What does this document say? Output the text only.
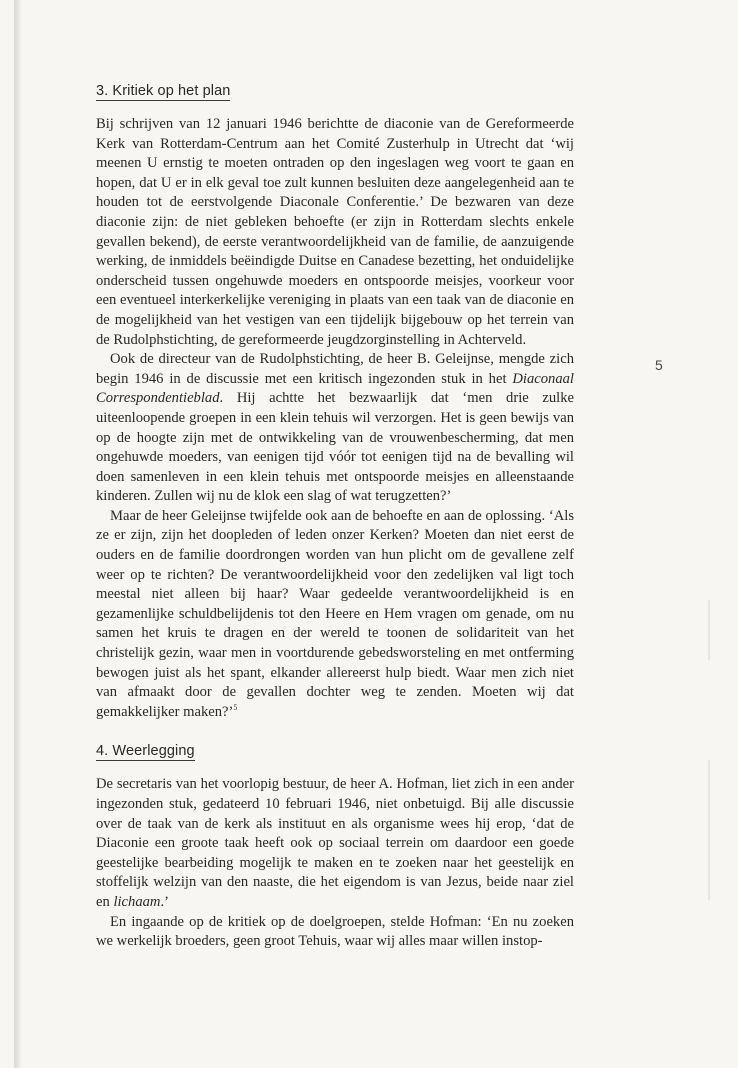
5
3. Kritiek op het plan

Bij schrijven van 12 januari 1946 berichtte de diaconie van de Gereformeerde Kerk van Rotterdam-Centrum aan het Comité Zusterhulp in Utrecht dat ‘wij meenen U ernstig te moeten ontraden op den ingeslagen weg voort te gaan en hopen, dat U er in elk geval toe zult kunnen besluiten deze aangelegenheid aan te houden tot de eerstvolgende Diaconale Conferentie.’ De bezwaren van deze diaconie zijn: de niet gebleken behoefte (er zijn in Rotterdam slechts enkele gevallen bekend), de eerste verantwoordelijkheid van de familie, de aanzuigende werking, de inmiddels beëindigde Duitse en Canadese bezetting, het onduidelijke onderscheid tussen ongehuwde moeders en ontspoorde meisjes, voorkeur voor een eventueel interkerkelijke vereniging in plaats van een taak van de diaconie en de mogelijkheid van het vestigen van een tijdelijk bijgebouw op het terrein van de Rudolphstichting, de gereformeerde jeugdzorginstelling in Achterveld.

Ook de directeur van de Rudolphstichting, de heer B. Geleijnse, mengde zich begin 1946 in de discussie met een kritisch ingezonden stuk in het Diaconaal Correspondentieblad. Hij achtte het bezwaarlijk dat ‘men drie zulke uiteenloopende groepen in een klein tehuis wil verzorgen. Het is geen bewijs van op de hoogte zijn met de ontwikkeling van de vrouwenbescherming, dat men ongehuwde moeders, van eenigen tijd vóór tot eenigen tijd na de bevalling wil doen samenleven in een klein tehuis met ontspoorde meisjes en alleenstaande kinderen. Zullen wij nu de klok een slag of wat terugzetten?’

Maar de heer Geleijnse twijfelde ook aan de behoefte en aan de oplossing. ‘Als ze er zijn, zijn het doopleden of leden onzer Kerken? Moeten dan niet eerst de ouders en de familie doordrongen worden van hun plicht om de gevallene zelf weer op te richten? De verantwoordelijkheid voor den zedelijken val ligt toch meestal niet alleen bij haar? Waar gedeelde verantwoordelijkheid is en gezamenlijke schuldbelijdenis tot den Heere en Hem vragen om genade, om nu samen het kruis te dragen en der wereld te toonen de solidariteit van het christelijk gezin, waar men in voortdurende gebedsworsteling en met ontferming bewogen juist als het spant, elkander allereerst hulp biedt. Waar men zich niet van afmaakt door de gevallen dochter weg te zenden. Moeten wij dat gemakkelijker maken?’$^5$

4. Weerlegging

De secretaris van het voorlopig bestuur, de heer A. Hofman, liet zich in een ander ingezonden stuk, gedateerd 10 februari 1946, niet onbetuigd. Bij alle discussie over de taak van de kerk als instituut en als organisme wees hij erop, ‘dat de Diaconie een groote taak heeft ook op sociaal terrein om daardoor een goede geestelijke bearbeiding mogelijk te maken en te zoeken naar het geestelijk en stoffelijk welzijn van den naaste, die het eigendom is van Jezus, beide naar ziel en lichaam.’

En ingaande op de kritiek op de doelgroepen, stelde Hofman: ‘En nu zoeken we werkelijk broeders, geen groot Tehuis, waar wij alles maar willen instop-
